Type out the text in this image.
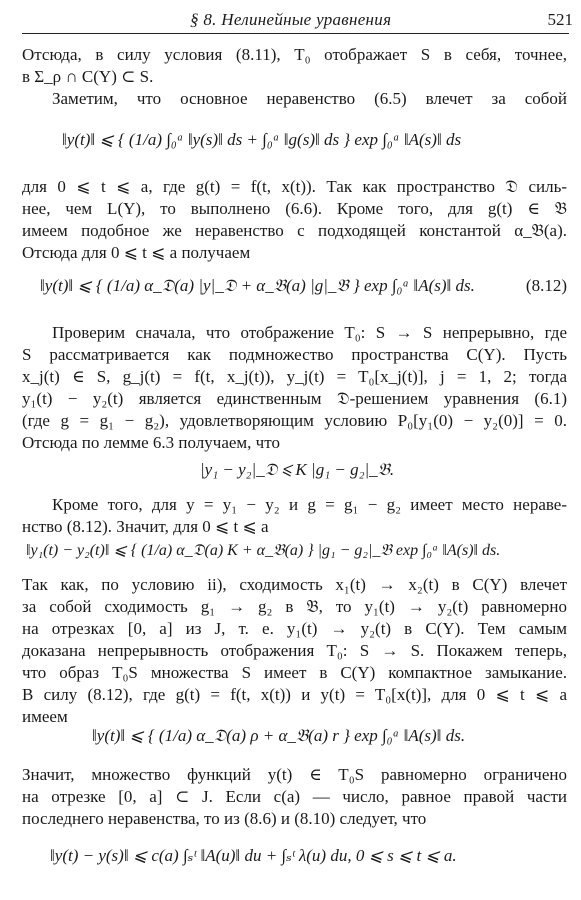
§ 8. Нелинейные уравнения	521
Отсюда, в силу условия (8.11), T₀ отображает S в себя, точнее,
в Σ_ρ ∩ C(Y) ⊂ S.
Заметим, что основное неравенство (6.5) влечет за собой
‖y(t)‖ ⩽ { (1/a) ∫₀ᵃ ‖y(s)‖ ds + ∫₀ᵃ ‖g(s)‖ ds } exp ∫₀ᵃ ‖A(s)‖ ds
для 0 ⩽ t ⩽ a, где g(t) = f(t, x(t)). Так как пространство 𝔇 силь-
нее, чем L(Y), то выполнено (6.6). Кроме того, для g(t) ∈ 𝔅
имеем подобное же неравенство с подходящей константой α_𝔅(a).
Отсюда для 0 ⩽ t ⩽ a получаем
‖y(t)‖ ⩽ { (1/a) α_𝔇(a) |y|_𝔇 + α_𝔅(a) |g|_𝔅 } exp ∫₀ᵃ ‖A(s)‖ ds.	(8.12)
Проверим сначала, что отображение T₀: S → S непрерывно, где
S рассматривается как подмножество пространства C(Y). Пусть
x_j(t) ∈ S, g_j(t) = f(t, x_j(t)), y_j(t) = T₀[x_j(t)], j = 1, 2; тогда
y₁(t) − y₂(t) является единственным 𝔇-решением уравнения (6.1)
(где g = g₁ − g₂), удовлетворяющим условию P₀[y₁(0) − y₂(0)] = 0.
Отсюда по лемме 6.3 получаем, что
|y₁ − y₂|_𝔇 ⩽ K |g₁ − g₂|_𝔅.
Кроме того, для y = y₁ − y₂ и g = g₁ − g₂ имеет место нераве-
нство (8.12). Значит, для 0 ⩽ t ⩽ a
‖y₁(t) − y₂(t)‖ ⩽ { (1/a) α_𝔇(a) K + α_𝔅(a) } |g₁ − g₂|_𝔅 exp ∫₀ᵃ ‖A(s)‖ ds.
Так как, по условию ii), сходимость x₁(t) → x₂(t) в C(Y) влечет
за собой сходимость g₁ → g₂ в 𝔅, то y₁(t) → y₂(t) равномерно
на отрезках [0, a] из J, т. е. y₁(t) → y₂(t) в C(Y). Тем самым
доказана непрерывность отображения T₀: S → S. Покажем теперь,
что образ T₀S множества S имеет в C(Y) компактное замыкание.
В силу (8.12), где g(t) = f(t, x(t)) и y(t) = T₀[x(t)], для 0 ⩽ t ⩽ a
имеем
‖y(t)‖ ⩽ { (1/a) α_𝔇(a) ρ + α_𝔅(a) r } exp ∫₀ᵃ ‖A(s)‖ ds.
Значит, множество функций y(t) ∈ T₀S равномерно ограничено
на отрезке [0, a] ⊂ J. Если c(a) — число, равное правой части
последнего неравенства, то из (8.6) и (8.10) следует, что
‖y(t) − y(s)‖ ⩽ c(a) ∫ₛᵗ ‖A(u)‖ du + ∫ₛᵗ λ(u) du, 0 ⩽ s ⩽ t ⩽ a.
